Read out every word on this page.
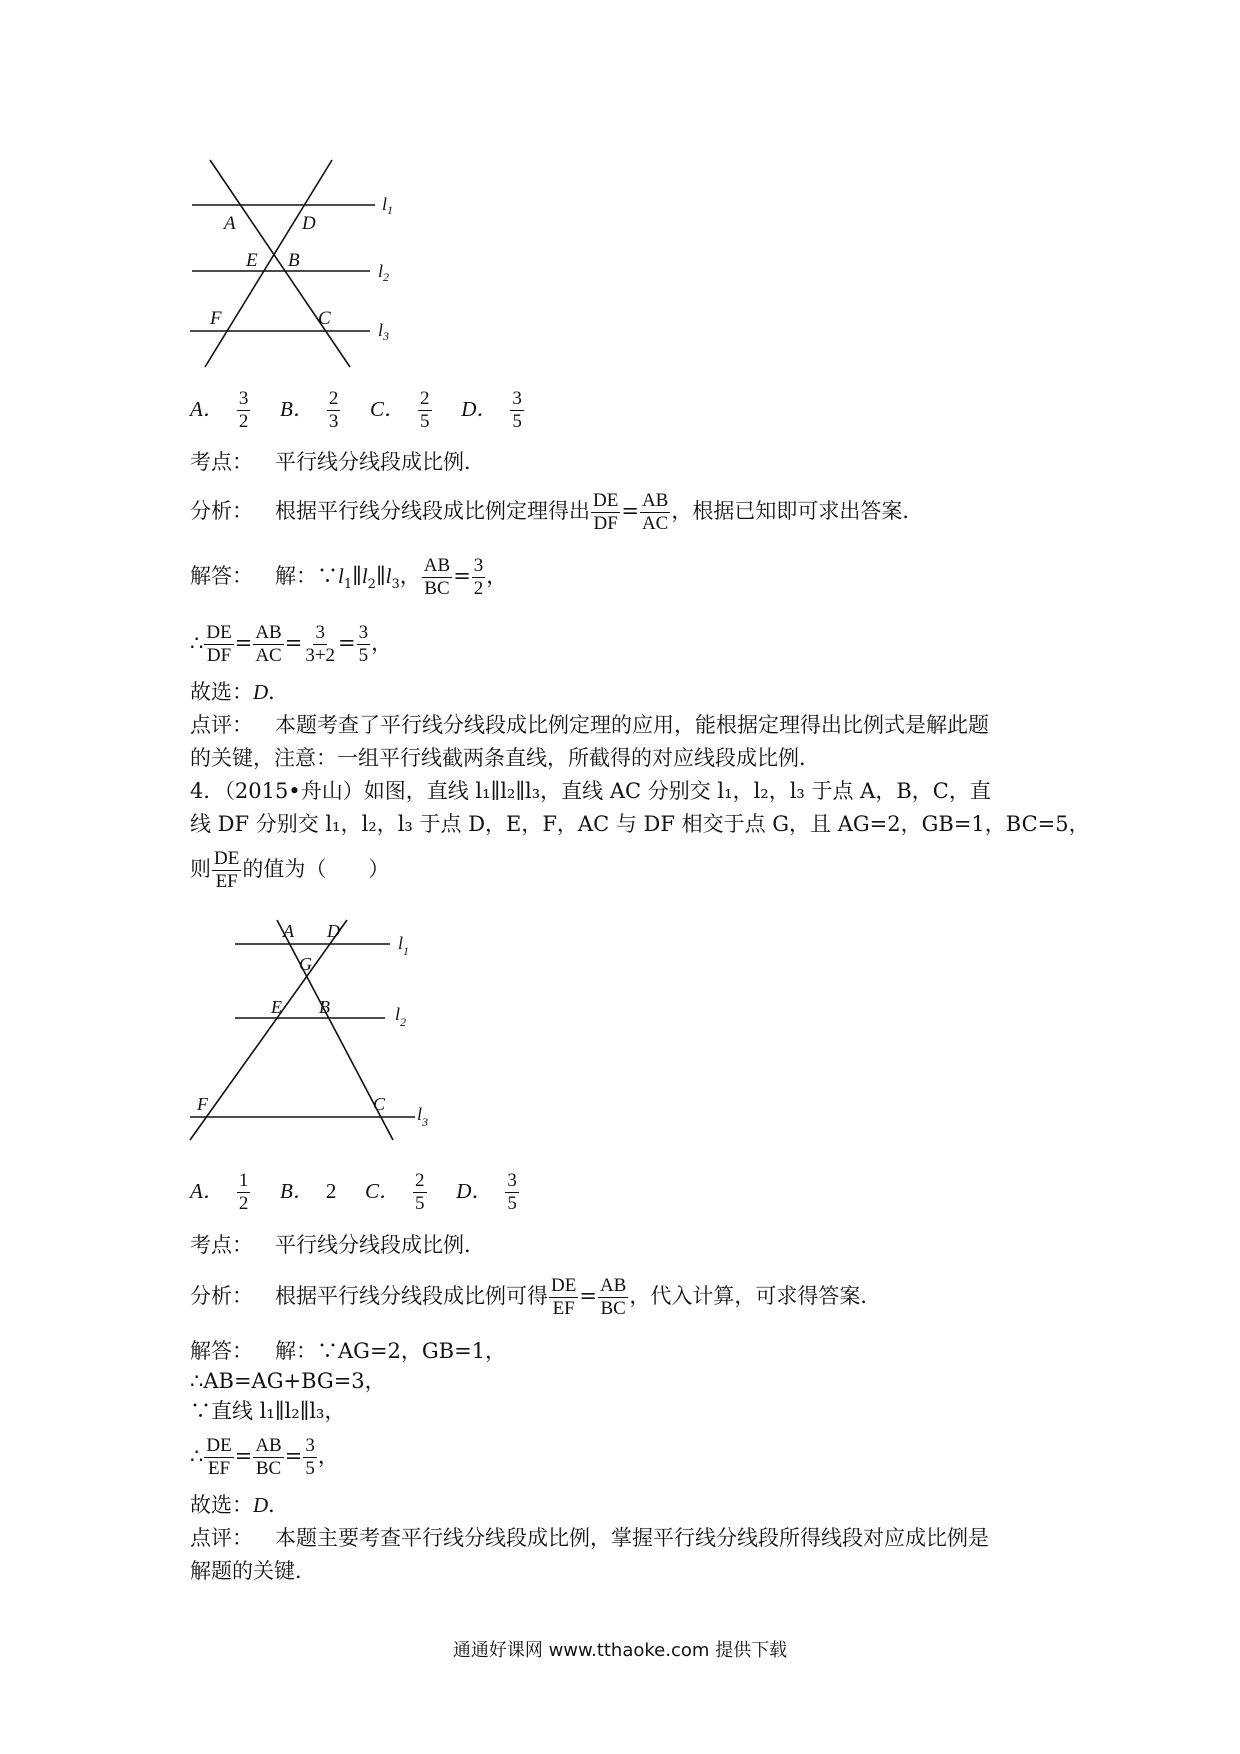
A	D
E B
F	C
$l_1$
$l_2$
$l_3$
A． $\frac{3}{2}$ B． $\frac{2}{3}$ C． $\frac{2}{5}$ D． $\frac{3}{5}$
考点： 平行线分线段成比例．
分析： 根据平行线分线段成比例定理得出 $\frac{DE}{DF} = \frac{AB}{AC}$ ，根据已知即可求出答案．
解答： 解：$\because l_1\parallel l_2\parallel l_3$， $\frac{AB}{BC} = \frac{3}{2}$ ，
∴ $\frac{DE}{DF} = \frac{AB}{AC} = \frac{3}{3+2} = \frac{3}{5}$ ，
故选：D．
点评： 本题考查了平行线分线段成比例定理的应用，能根据定理得出比例式是解此题
的关键，注意：一组平行线截两条直线，所截得的对应线段成比例．
4．（2015•舟山）如图，直线 l₁∥l₂∥l₃，直线 AC 分别交 l₁，l₂，l₃ 于点 A，B，C，直
线 DF 分别交 l₁，l₂，l₃ 于点 D，E，F，AC 与 DF 相交于点 G，且 AG=2，GB=1，BC=5，
则 $\frac{DE}{EF}$ 的值为（　　）
A D
G
E B
F	C
$l_1$
$l_2$
$l_3$
A． $\frac{1}{2}$ B． 2 C． $\frac{2}{5}$ D． $\frac{3}{5}$
考点： 平行线分线段成比例．
分析： 根据平行线分线段成比例可得 $\frac{DE}{EF} = \frac{AB}{BC}$ ，代入计算，可求得答案．
解答： 解：∵AG=2，GB=1，
∴AB=AG+BG=3，
∵直线 l₁∥l₂∥l₃，
∴ $\frac{DE}{EF} = \frac{AB}{BC} = \frac{3}{5}$ ，
故选：D．
点评： 本题主要考查平行线分线段成比例，掌握平行线分线段所得线段对应成比例是
解题的关键．
通通好课网 www.tthaoke.com 提供下载
